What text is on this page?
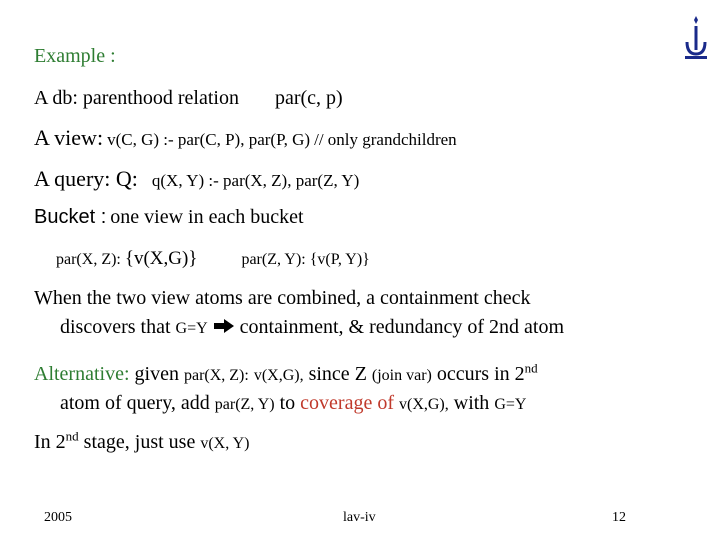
Example :
A db: parenthood relation par(c, p)
A view: v(C, G) :- par(C, P), par(P, G) // only grandchildren
A query: Q: q(X, Y) :- par(X, Z), par(Z, Y)
Bucket : one view in each bucket
par(X, Z): {v(X,G)}	par(Z, Y): {v(P, Y)}
When the two view atoms are combined, a containment check
discovers that G=Y containment, & redundancy of 2nd atom
Alternative: given par(X, Z): v(X,G), since Z (join var) occurs in 2nd
atom of query, add par(Z, Y) to coverage of v(X,G), with G=Y
In 2nd stage, just use v(X, Y)
2005	lav-iv	12
